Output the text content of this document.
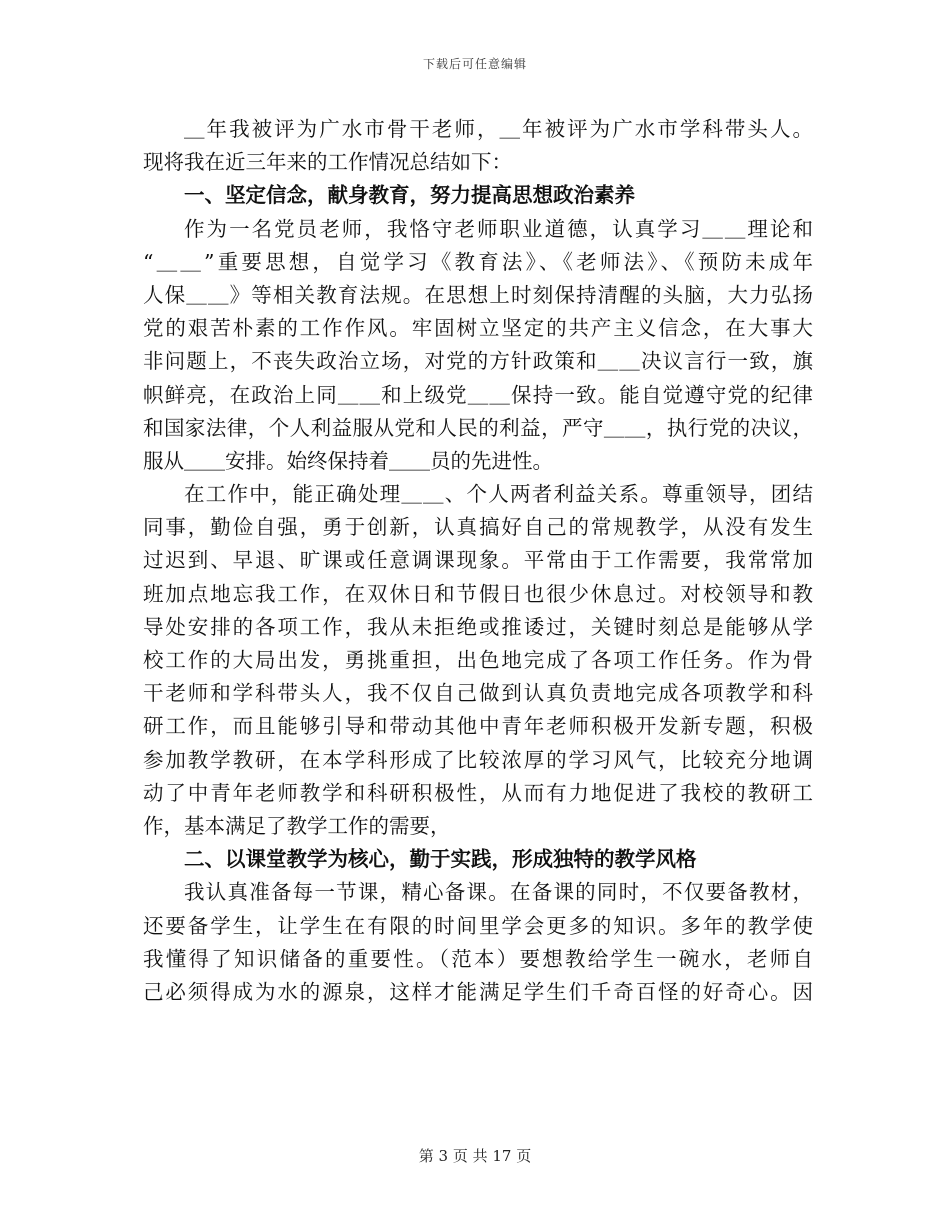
下载后可任意编辑
＿年我被评为广水市骨干老师，＿年被评为广水市学科带头人。
现将我在近三年来的工作情况总结如下：
一、坚定信念，献身教育，努力提高思想政治素养
作为一名党员老师，我恪守老师职业道德，认真学习＿＿理论和
“＿＿”重要思想，自觉学习《教育法》、《老师法》、《预防未成年
人保＿＿》等相关教育法规。在思想上时刻保持清醒的头脑，大力弘扬
党的艰苦朴素的工作作风。牢固树立坚定的共产主义信念，在大事大
非问题上，不丧失政治立场，对党的方针政策和＿＿决议言行一致，旗
帜鲜亮，在政治上同＿＿和上级党＿＿保持一致。能自觉遵守党的纪律
和国家法律，个人利益服从党和人民的利益，严守＿＿，执行党的决议，
服从＿＿安排。始终保持着＿＿员的先进性。
在工作中，能正确处理＿＿、个人两者利益关系。尊重领导，团结
同事，勤俭自强，勇于创新，认真搞好自己的常规教学，从没有发生
过迟到、早退、旷课或任意调课现象。平常由于工作需要，我常常加
班加点地忘我工作，在双休日和节假日也很少休息过。对校领导和教
导处安排的各项工作，我从未拒绝或推诿过，关键时刻总是能够从学
校工作的大局出发，勇挑重担，出色地完成了各项工作任务。作为骨
干老师和学科带头人，我不仅自己做到认真负责地完成各项教学和科
研工作，而且能够引导和带动其他中青年老师积极开发新专题，积极
参加教学教研，在本学科形成了比较浓厚的学习风气，比较充分地调
动了中青年老师教学和科研积极性，从而有力地促进了我校的教研工
作，基本满足了教学工作的需要，
二、以课堂教学为核心，勤于实践，形成独特的教学风格
我认真准备每一节课，精心备课。在备课的同时，不仅要备教材，
还要备学生，让学生在有限的时间里学会更多的知识。多年的教学使
我懂得了知识储备的重要性。（范本）要想教给学生一碗水，老师自
己必须得成为水的源泉，这样才能满足学生们千奇百怪的好奇心。因
第 3 页 共 17 页
